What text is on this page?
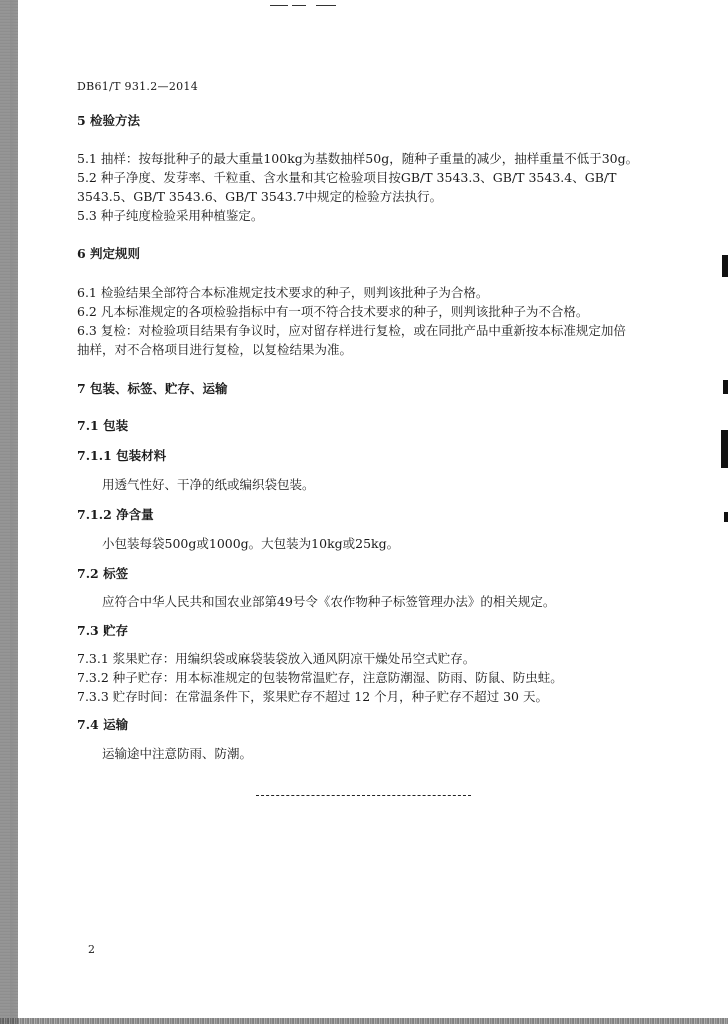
DB61/T 931.2—2014
5 检验方法
5.1 抽样：按每批种子的最大重量100kg为基数抽样50g，随种子重量的减少，抽样重量不低于30g。
5.2 种子净度、发芽率、千粒重、含水量和其它检验项目按GB/T 3543.3、GB/T 3543.4、GB/T
3543.5、GB/T 3543.6、GB/T 3543.7中规定的检验方法执行。
5.3 种子纯度检验采用种植鉴定。
6 判定规则
6.1 检验结果全部符合本标准规定技术要求的种子，则判该批种子为合格。
6.2 凡本标准规定的各项检验指标中有一项不符合技术要求的种子，则判该批种子为不合格。
6.3 复检：对检验项目结果有争议时，应对留存样进行复检，或在同批产品中重新按本标准规定加倍
抽样，对不合格项目进行复检，以复检结果为准。
7 包装、标签、贮存、运输
7.1 包装
7.1.1 包装材料
用透气性好、干净的纸或编织袋包装。
7.1.2 净含量
小包装每袋500g或1000g。大包装为10kg或25kg。
7.2 标签
应符合中华人民共和国农业部第49号令《农作物种子标签管理办法》的相关规定。
7.3 贮存
7.3.1 浆果贮存：用编织袋或麻袋装袋放入通风阴凉干燥处吊空式贮存。
7.3.2 种子贮存：用本标准规定的包装物常温贮存，注意防潮湿、防雨、防鼠、防虫蛀。
7.3.3 贮存时间：在常温条件下，浆果贮存不超过 12 个月，种子贮存不超过 30 天。
7.4 运输
运输途中注意防雨、防潮。
2
